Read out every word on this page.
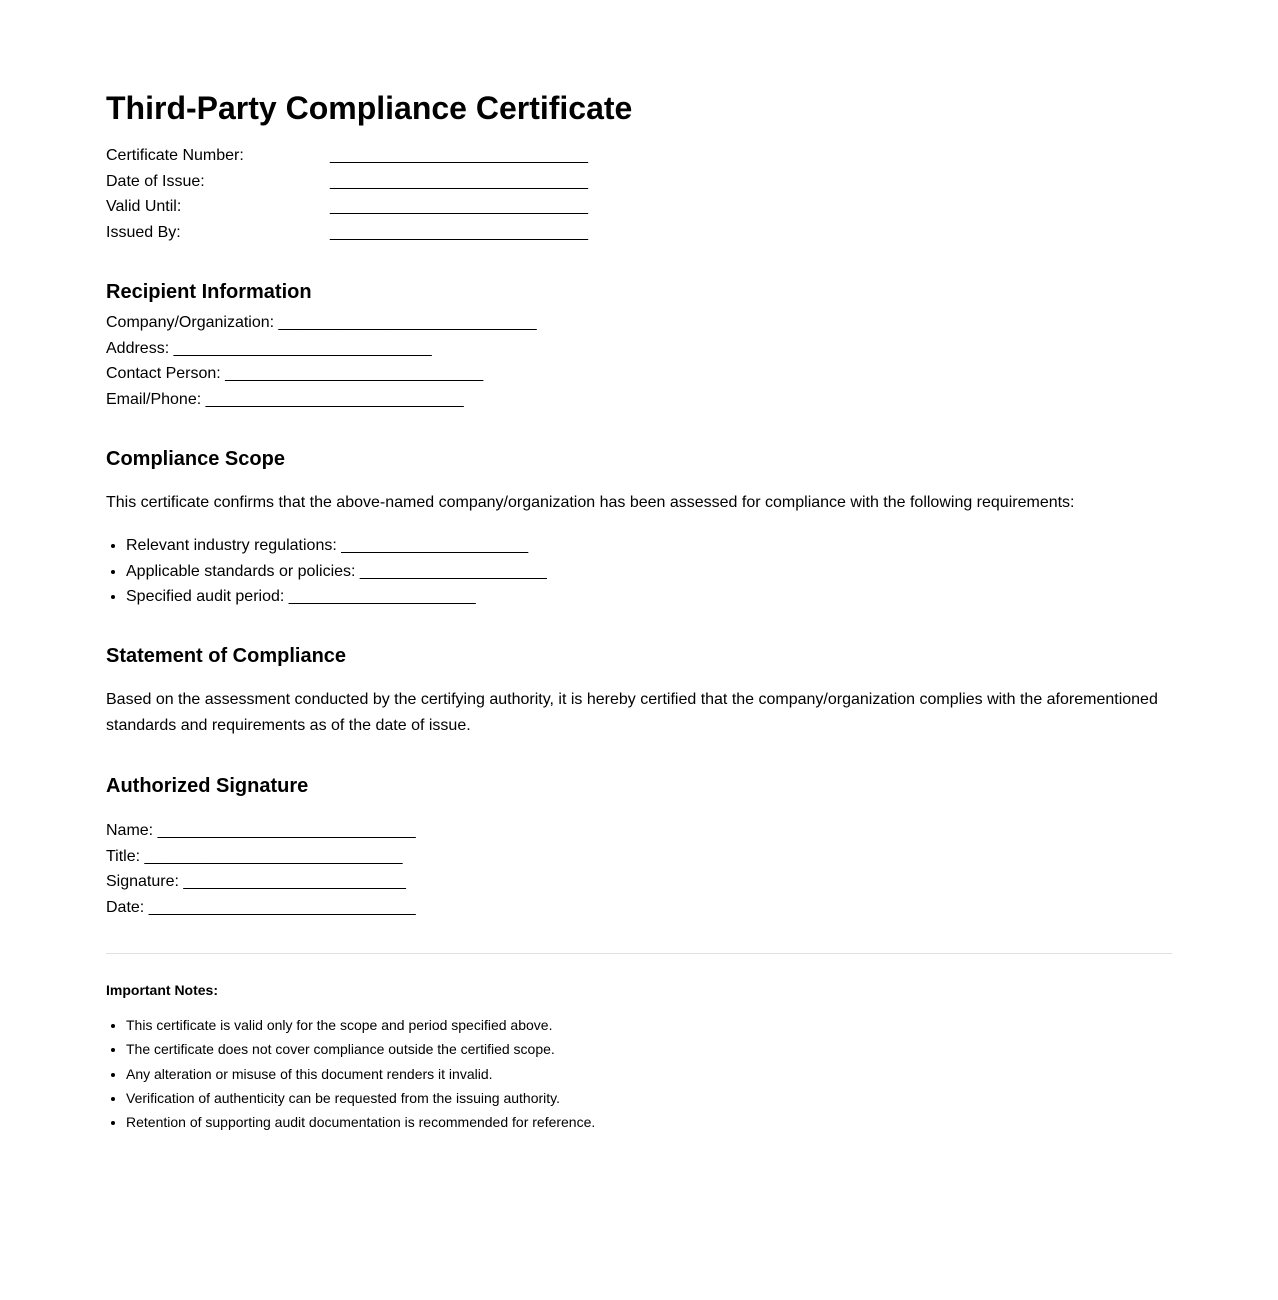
Third-Party Compliance Certificate
Certificate Number:	_____________________________
Date of Issue:	_____________________________
Valid Until:	_____________________________
Issued By:	_____________________________
Recipient Information
Company/Organization: _____________________________
Address: _____________________________
Contact Person: _____________________________
Email/Phone: _____________________________
Compliance Scope

This certificate confirms that the above-named company/organization has been assessed for compliance with the following requirements:

• Relevant industry regulations: _____________________
• Applicable standards or policies: _____________________
• Specified audit period: _____________________
Statement of Compliance

Based on the assessment conducted by the certifying authority, it is hereby certified that the company/organization complies with the aforementioned standards and requirements as of the date of issue.

Authorized Signature
Name: _____________________________
Title: _____________________________
Signature: _________________________
Date: ______________________________
Important Notes:
• This certificate is valid only for the scope and period specified above.
• The certificate does not cover compliance outside the certified scope.
• Any alteration or misuse of this document renders it invalid.
• Verification of authenticity can be requested from the issuing authority.
• Retention of supporting audit documentation is recommended for reference.
